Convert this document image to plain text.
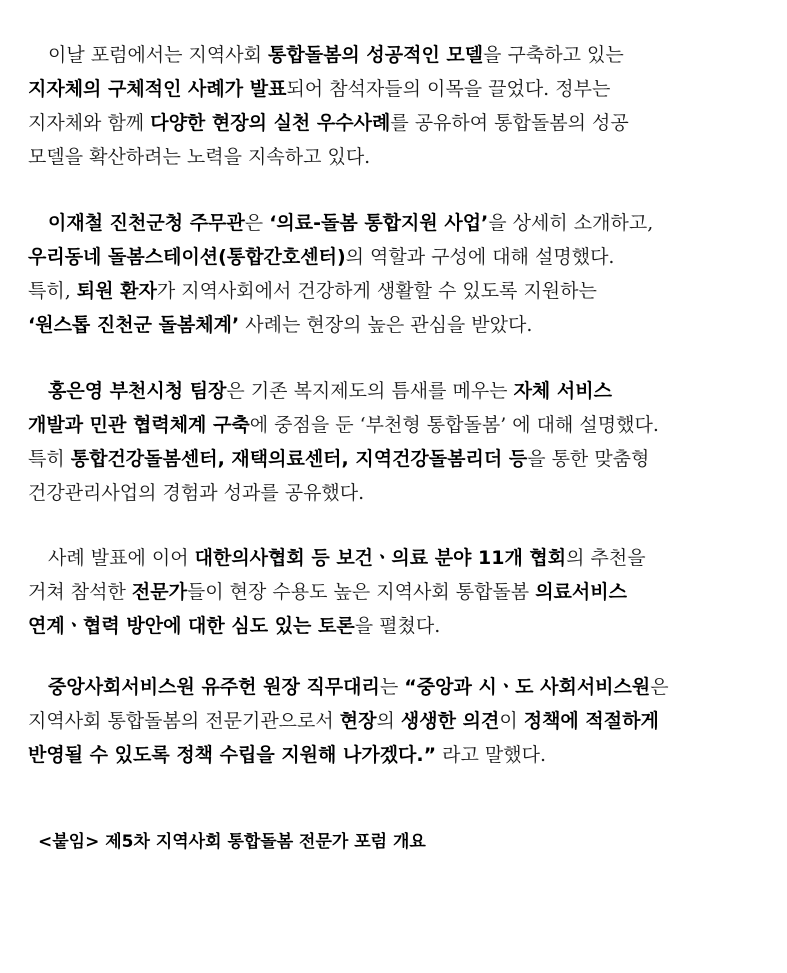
이날 포럼에서는 지역사회 통합돌봄의 성공적인 모델을 구축하고 있는
지자체의 구체적인 사례가 발표되어 참석자들의 이목을 끌었다. 정부는
지자체와 함께 다양한 현장의 실천 우수사례를 공유하여 통합돌봄의 성공
모델을 확산하려는 노력을 지속하고 있다.
이재철 진천군청 주무관은 ‘의료-돌봄 통합지원 사업’을 상세히 소개하고,
우리동네 돌봄스테이션(통합간호센터)의 역할과 구성에 대해 설명했다.
특히, 퇴원 환자가 지역사회에서 건강하게 생활할 수 있도록 지원하는
‘원스톱 진천군 돌봄체계’ 사례는 현장의 높은 관심을 받았다.
홍은영 부천시청 팀장은 기존 복지제도의 틈새를 메우는 자체 서비스
개발과 민관 협력체계 구축에 중점을 둔 ‘부천형 통합돌봄’ 에 대해 설명했다.
특히 통합건강돌봄센터, 재택의료센터, 지역건강돌봄리더 등을 통한 맞춤형
건강관리사업의 경험과 성과를 공유했다.
사례 발표에 이어 대한의사협회 등 보건ㆍ의료 분야 11개 협회의 추천을
거쳐 참석한 전문가들이 현장 수용도 높은 지역사회 통합돌봄 의료서비스
연계ㆍ협력 방안에 대한 심도 있는 토론을 펼쳤다.
중앙사회서비스원 유주헌 원장 직무대리는 “중앙과 시ㆍ도 사회서비스원은
지역사회 통합돌봄의 전문기관으로서 현장의 생생한 의견이 정책에 적절하게
반영될 수 있도록 정책 수립을 지원해 나가겠다.” 라고 말했다.
<붙임> 제5차 지역사회 통합돌봄 전문가 포럼 개요
